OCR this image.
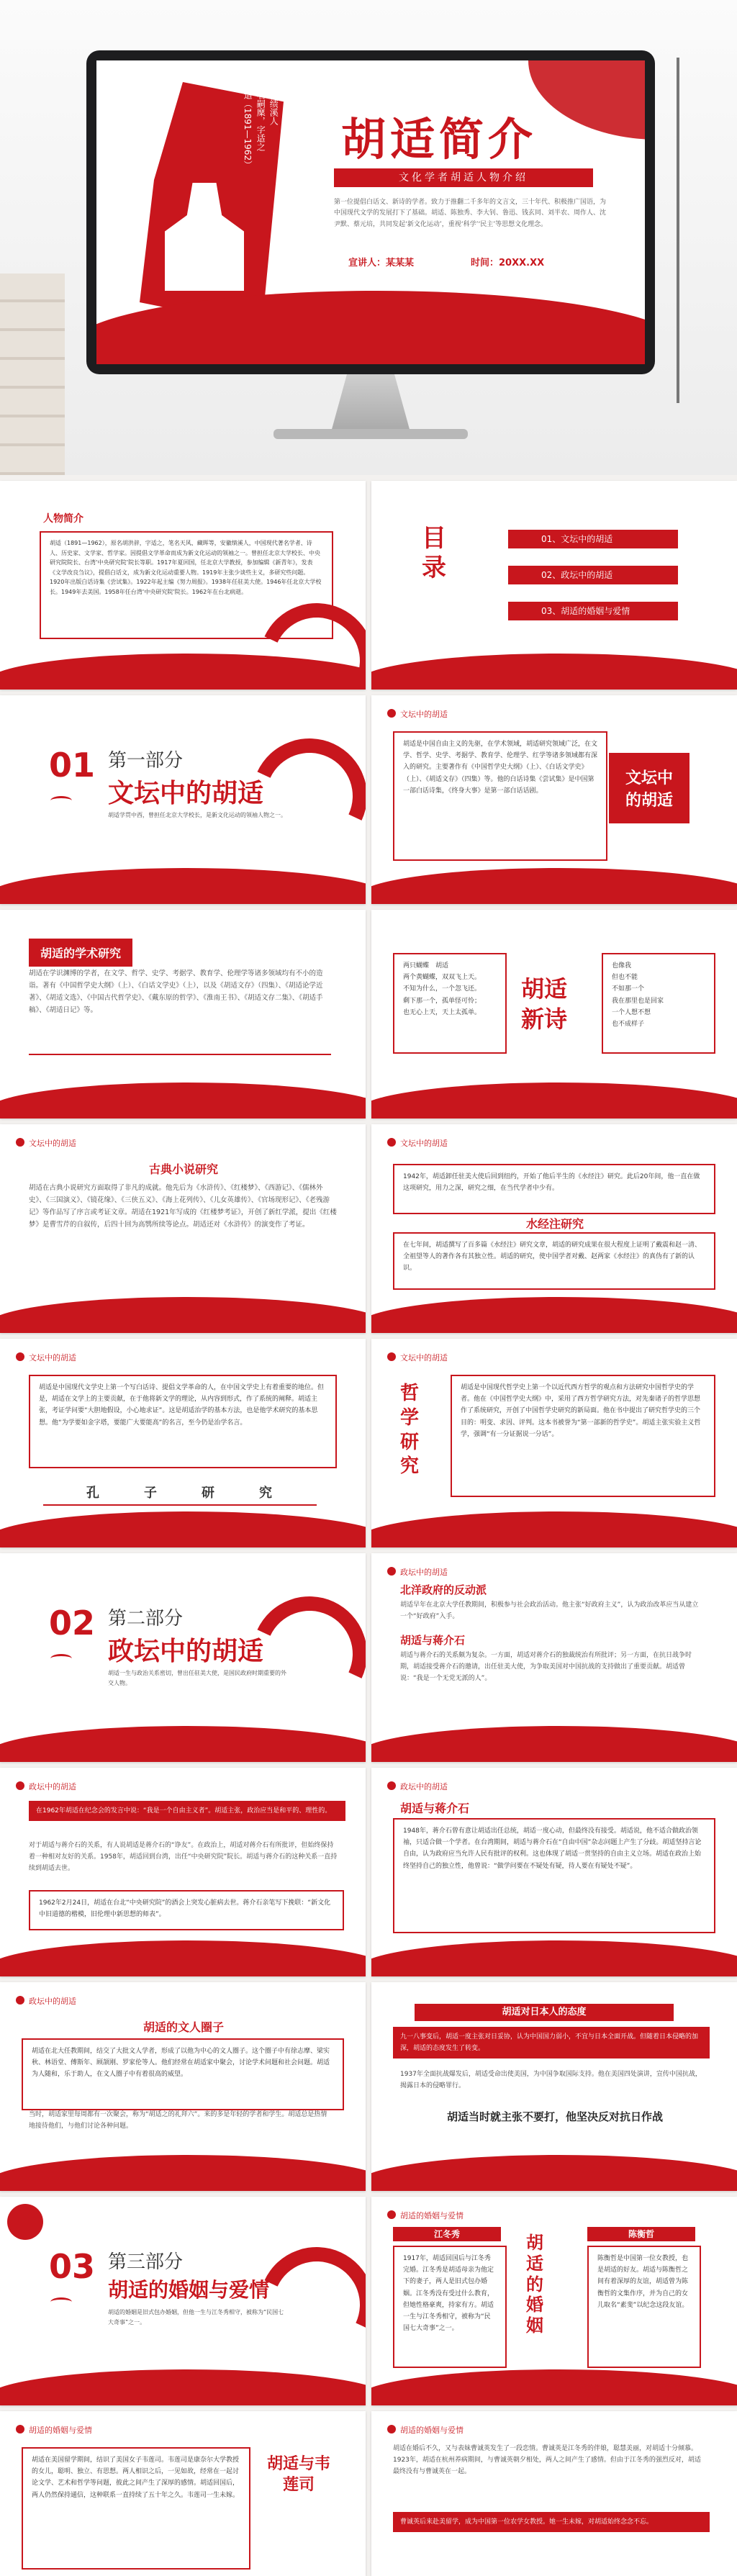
胡适（1891—1962） 原名嗣穈，字适之 安徽绩溪人
胡适简介
文化学者胡适人物介绍
第一位提倡白话文、新诗的学者。致力于推翻二千多年的文言文，三十年代、积极推广国语，为中国现代文学的发展打下了基础。胡适、陈独秀、李大钊、鲁迅、钱玄同、刘半农、周作人、沈尹默、蔡元培，共同发起‘新文化运动’，重视‘科学’‘民主’等思想文化理念。
宣讲人：某某某	时间：20XX.XX
人物简介
胡适（1891—1962），原名胡洪骍，字适之，笔名天风、藏晖等，安徽绩溪人，中国现代著名学者、诗人、历史家、文学家、哲学家。因提倡文学革命而成为新文化运动的领袖之一。曾担任北京大学校长、中央研究院院长、台湾‘中央研究院’院长等职。1917年夏回国，任北京大学教授，参加编辑《新青年》，发表《文学改良刍议》，提倡白话文，成为新文化运动重要人物。1919年主张少谈些主义，多研究些问题。1920年出版白话诗集《尝试集》。1922年起主编《努力周报》。1938年任驻美大使。1946年任北京大学校长。1949年去美国。1958年任台湾‘中央研究院’院长。1962年在台北病逝。
目录
01、文坛中的胡适
02、政坛中的胡适
03、胡适的婚姻与爱情
01 第一部分
文坛中的胡适
胡适学贯中西，曾担任北京大学校长，是新文化运动的领袖人物之一。
文坛中的胡适
胡适是中国自由主义的先驱，在学术领域，胡适研究领域广泛，在文学、哲学、史学、考据学、教育学、伦理学、红学等诸多领域都有深入的研究。主要著作有《中国哲学史大纲》（上）、《白话文学史》（上）、《胡适文存》（四集）等。他的白话诗集《尝试集》是中国第一部白话诗集，《终身大事》是第一部白话话剧。
文坛中的胡适
胡适的学术研究
胡适在学识渊博的学者，在文学、哲学、史学、考据学、教育学、伦理学等诸多领域均有不小的造诣。著有《中国哲学史大纲》（上）、《白话文学史》（上），以及《胡适文存》（四集）、《胡适论学近著》、《胡适文选》、《中国古代哲学史》、《戴东原的哲学》、《淮南王书》、《胡适文存二集》、《胡适手稿》、《胡适日记》等。
两只蝴蝶　胡适
两个黄蝴蝶，双双飞上天。
不知为什么，一个忽飞还。
剩下那一个，孤单怪可怜；
也无心上天，天上太孤单。
胡适新诗
也像我
但也不能
不如那一个
我在那里也是回家
一个人想不想
也不成样子
文坛中的胡适
古典小说研究
胡适在古典小说研究方面取得了非凡的成就。他先后为《水浒传》、《红楼梦》、《西游记》、《儒林外史》、《三国演义》、《镜花缘》、《三侠五义》、《海上花列传》、《儿女英雄传》、《官场现形记》、《老残游记》等作品写了序言或考证文章。胡适在1921年写成的《红楼梦考证》，开创了新红学派，提出《红楼梦》是曹雪芹的自叙传，后四十回为高鹗所续等论点。胡适还对《水浒传》的演变作了考证。
文坛中的胡适
1942年，胡适卸任驻美大使后回到纽约，开始了他后半生的《水经注》研究。此后20年间，他一直在做这项研究，用力之深，研究之细，在当代学者中少有。
水经注研究
在七年间，胡适撰写了百多篇《水经注》研究文章，胡适的研究成果在很大程度上证明了戴震和赵一清、全祖望等人的著作各有其独立性。胡适的研究，使中国学者对戴、赵两家《水经注》的真伪有了新的认识。
文坛中的胡适
胡适是中国现代文学史上第一个写白话诗、提倡文学革命的人，在中国文学史上有着重要的地位。但是，胡适在文学上的主要贡献，在于他将新文学的理论，从内容到形式，作了系统的阐释。胡适主张，考证学问要“大胆地假设，小心地求证”。这是胡适治学的基本方法，也是他学术研究的基本思想。他“为学要如金字塔，要能广大要能高”的名言，至今仍是治学名言。
孔	子	研	究
文坛中的胡适
哲学研究
胡适是中国现代哲学史上第一个以近代西方哲学的观点和方法研究中国哲学史的学者。他在《中国哲学史大纲》中，采用了西方哲学研究方法，对先秦诸子的哲学思想作了系统研究，开创了中国哲学史研究的新局面。他在书中提出了研究哲学史的三个目的：明变、求因、评判。这本书被誉为“第一部新的哲学史”。胡适主张实验主义哲学，强调“有一分证据说一分话”。
02 第二部分
政坛中的胡适
胡适一生与政治关系密切，曾出任驻美大使，是国民政府时期重要的外交人物。
政坛中的胡适
北洋政府的反动派
胡适早年在北京大学任教期间，积极参与社会政治活动。他主张“好政府主义”，认为政治改革应当从建立一个“好政府”入手。
胡适与蒋介石
胡适与蒋介石的关系颇为复杂。一方面，胡适对蒋介石的独裁统治有所批评；另一方面，在抗日战争时期，胡适接受蒋介石的邀请，出任驻美大使，为争取美国对中国抗战的支持做出了重要贡献。胡适曾说：“我是一个无党无派的人”。
政坛中的胡适
在1962年胡适在纪念会的发言中说：“我是一个自由主义者”。胡适主张，政治应当是和平的、理性的。
对于胡适与蒋介石的关系，有人说胡适是蒋介石的“诤友”。在政治上，胡适对蒋介石有所批评，但始终保持着一种相对友好的关系。1958年，胡适回到台湾，出任“中央研究院”院长。胡适与蒋介石的这种关系一直持续到胡适去世。
1962年2月24日，胡适在台北“中央研究院”的酒会上突发心脏病去世。蒋介石亲笔写下挽联：“新文化中旧道德的楷模，旧伦理中新思想的师表”。
政坛中的胡适
胡适与蒋介石
1948年，蒋介石曾有意让胡适出任总统，胡适一度心动，但最终没有接受。胡适说，他不适合做政治领袖，只适合做一个学者。在台湾期间，胡适与蒋介石在“自由中国”杂志问题上产生了分歧。胡适坚持言论自由，认为政府应当允许人民有批评的权利。这也体现了胡适一贯坚持的自由主义立场。胡适在政治上始终坚持自己的独立性，他曾说：“做学问要在不疑处有疑，待人要在有疑处不疑”。
政坛中的胡适
胡适的文人圈子
胡适在北大任教期间，结交了大批文人学者，形成了以他为中心的文人圈子。这个圈子中有徐志摩、梁实秋、林语堂、傅斯年、顾颉刚、罗家伦等人。他们经常在胡适家中聚会，讨论学术问题和社会问题。胡适为人随和，乐于助人，在文人圈子中有着很高的威望。
当时，胡适家里每周都有一次聚会，称为“胡适之的礼拜六”。来的多是年轻的学者和学生。胡适总是热情地接待他们，与他们讨论各种问题。
胡适对日本人的态度
九一八事变后，胡适一度主张对日妥协，认为中国国力弱小，不宜与日本全面开战。但随着日本侵略的加深，胡适的态度发生了转变。
1937年全面抗战爆发后，胡适受命出使美国，为中国争取国际支持。他在美国四处演讲，宣传中国抗战，揭露日本的侵略罪行。
胡适当时就主张不要打，他坚决反对抗日作战
03 第三部分
胡适的婚姻与爱情
胡适的婚姻是旧式包办婚姻，但他一生与江冬秀相守，被称为“民国七大奇事”之一。
胡适的婚姻与爱情
江冬秀
1917年，胡适回国后与江冬秀完婚。江冬秀是胡适母亲为他定下的妻子，两人是旧式包办婚姻。江冬秀没有受过什么教育，但她性格豪爽，持家有方。胡适一生与江冬秀相守，被称为“民国七大奇事”之一。
胡适的婚姻
陈衡哲
陈衡哲是中国第一位女教授，也是胡适的好友。胡适与陈衡哲之间有着深厚的友谊，胡适曾为陈衡哲的文集作序，并为自己的女儿取名“素斐”以纪念这段友谊。
胡适的婚姻与爱情
胡适在美国留学期间，结识了美国女子韦莲司。韦莲司是康奈尔大学教授的女儿，聪明、独立、有思想。两人相识之后，一见如故，经常在一起讨论文学、艺术和哲学等问题，彼此之间产生了深厚的感情。胡适回国后，两人仍然保持通信，这种联系一直持续了五十年之久。韦莲司一生未嫁。
胡适与韦莲司
胡适的婚姻与爱情
胡适在婚后不久，又与表妹曹诚英发生了一段恋情。曹诚英是江冬秀的伴娘，聪慧美丽，对胡适十分倾慕。1923年，胡适在杭州养病期间，与曹诚英朝夕相处，两人之间产生了感情。但由于江冬秀的强烈反对，胡适最终没有与曹诚英在一起。
曹诚英后来赴美留学，成为中国第一位农学女教授。她一生未嫁，对胡适始终念念不忘。
